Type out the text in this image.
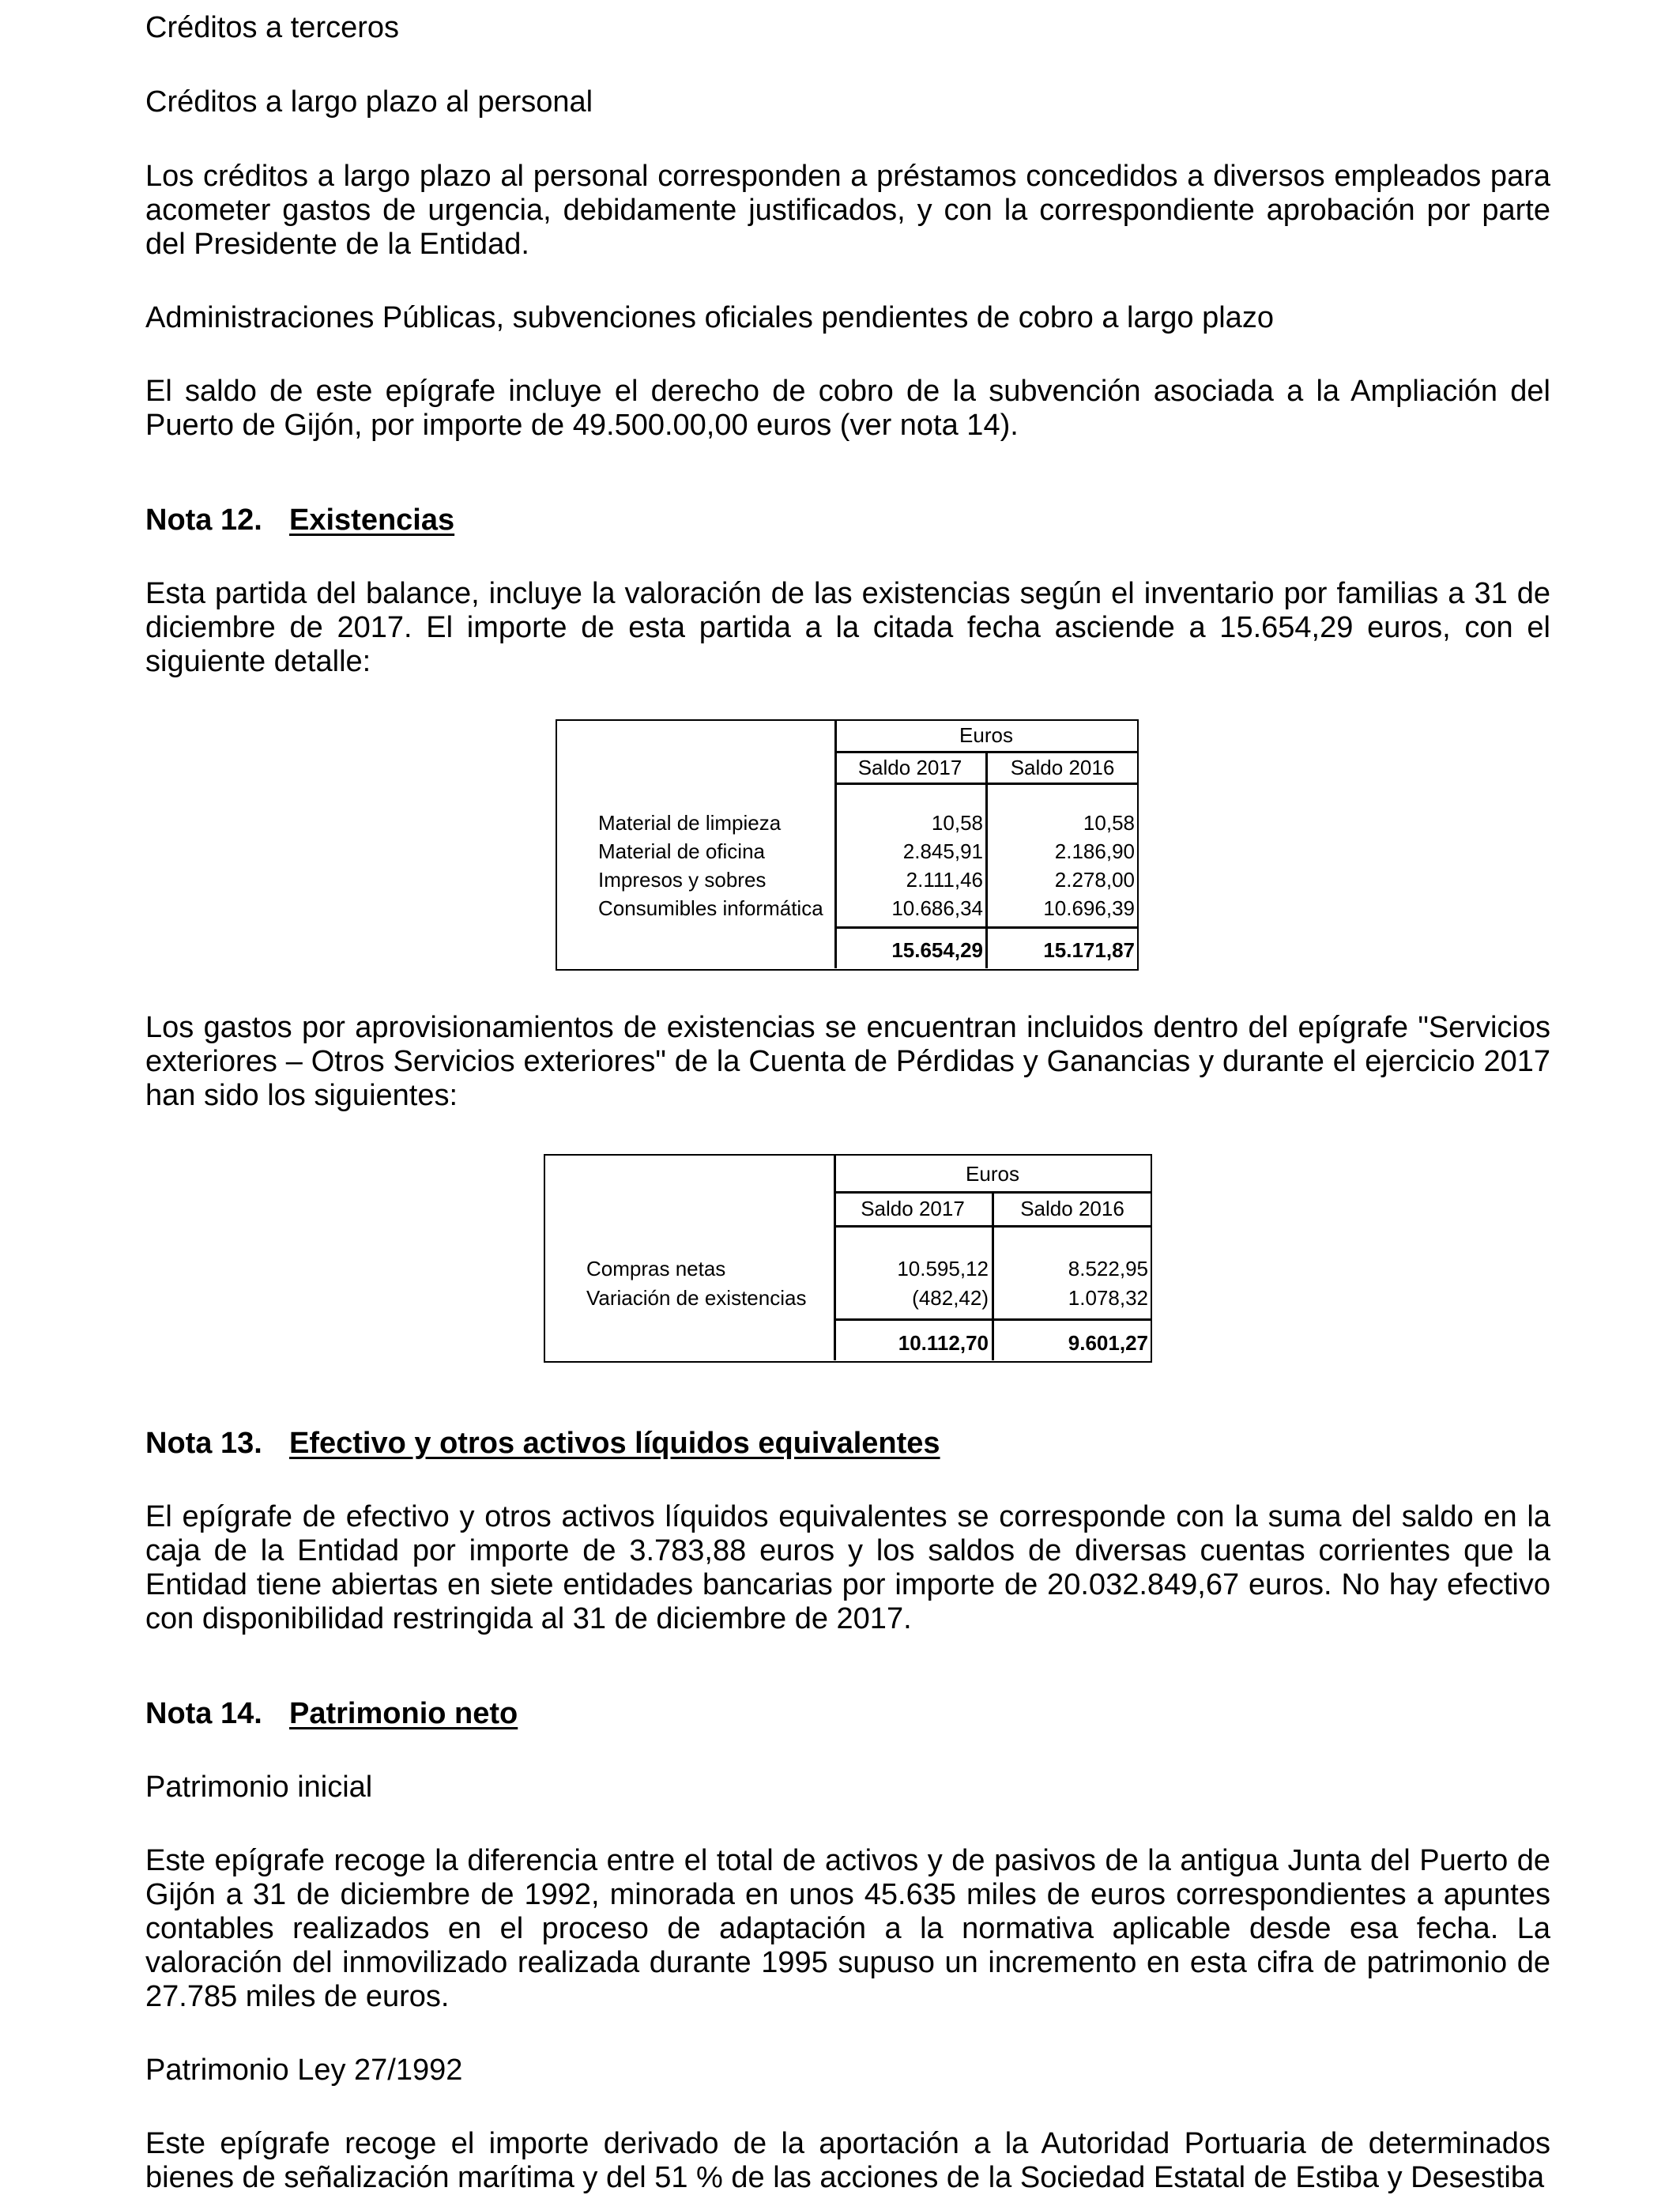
Créditos a terceros

Créditos a largo plazo al personal

Los créditos a largo plazo al personal corresponden a préstamos concedidos a diversos empleados para acometer gastos de urgencia, debidamente justificados, y con la correspondiente aprobación por parte del Presidente de la Entidad.

Administraciones Públicas, subvenciones oficiales pendientes de cobro a largo plazo

El saldo de este epígrafe incluye el derecho de cobro de la subvención asociada a la Ampliación del Puerto de Gijón, por importe de 49.500.00,00 euros (ver nota 14).

Nota 12. Existencias

Esta partida del balance, incluye la valoración de las existencias según el inventario por familias a 31 de diciembre de 2017. El importe de esta partida a la citada fecha asciende a 15.654,29 euros, con el siguiente detalle:

Los gastos por aprovisionamientos de existencias se encuentran incluidos dentro del epígrafe "Servicios exteriores – Otros Servicios exteriores" de la Cuenta de Pérdidas y Ganancias y durante el ejercicio 2017 han sido los siguientes:

Nota 13. Efectivo y otros activos líquidos equivalentes

El epígrafe de efectivo y otros activos líquidos equivalentes se corresponde con la suma del saldo en la caja de la Entidad por importe de 3.783,88 euros y los saldos de diversas cuentas corrientes que la Entidad tiene abiertas en siete entidades bancarias por importe de 20.032.849,67 euros. No hay efectivo con disponibilidad restringida al 31 de diciembre de 2017.

Nota 14. Patrimonio neto

Patrimonio inicial

Este epígrafe recoge la diferencia entre el total de activos y de pasivos de la antigua Junta del Puerto de Gijón a 31 de diciembre de 1992, minorada en unos 45.635 miles de euros correspondientes a apuntes contables realizados en el proceso de adaptación a la normativa aplicable desde esa fecha. La valoración del inmovilizado realizada durante 1995 supuso un incremento en esta cifra de patrimonio de 27.785 miles de euros.

Patrimonio Ley 27/1992

Este epígrafe recoge el importe derivado de la aportación a la Autoridad Portuaria de determinados bienes de señalización marítima y del 51 % de las acciones de la Sociedad Estatal de Estiba y Desestiba

Euros
Saldo 2017	Saldo 2016
Material de limpieza	10,58	10,58
Material de oficina	2.845,91	2.186,90
Impresos y sobres	2.111,46	2.278,00
Consumibles informática	10.686,34	10.696,39
15.654,29	15.171,87
Euros
Saldo 2017	Saldo 2016
Compras netas	10.595,12	8.522,95
Variación de existencias	(482,42)	1.078,32
10.112,70	9.601,27
